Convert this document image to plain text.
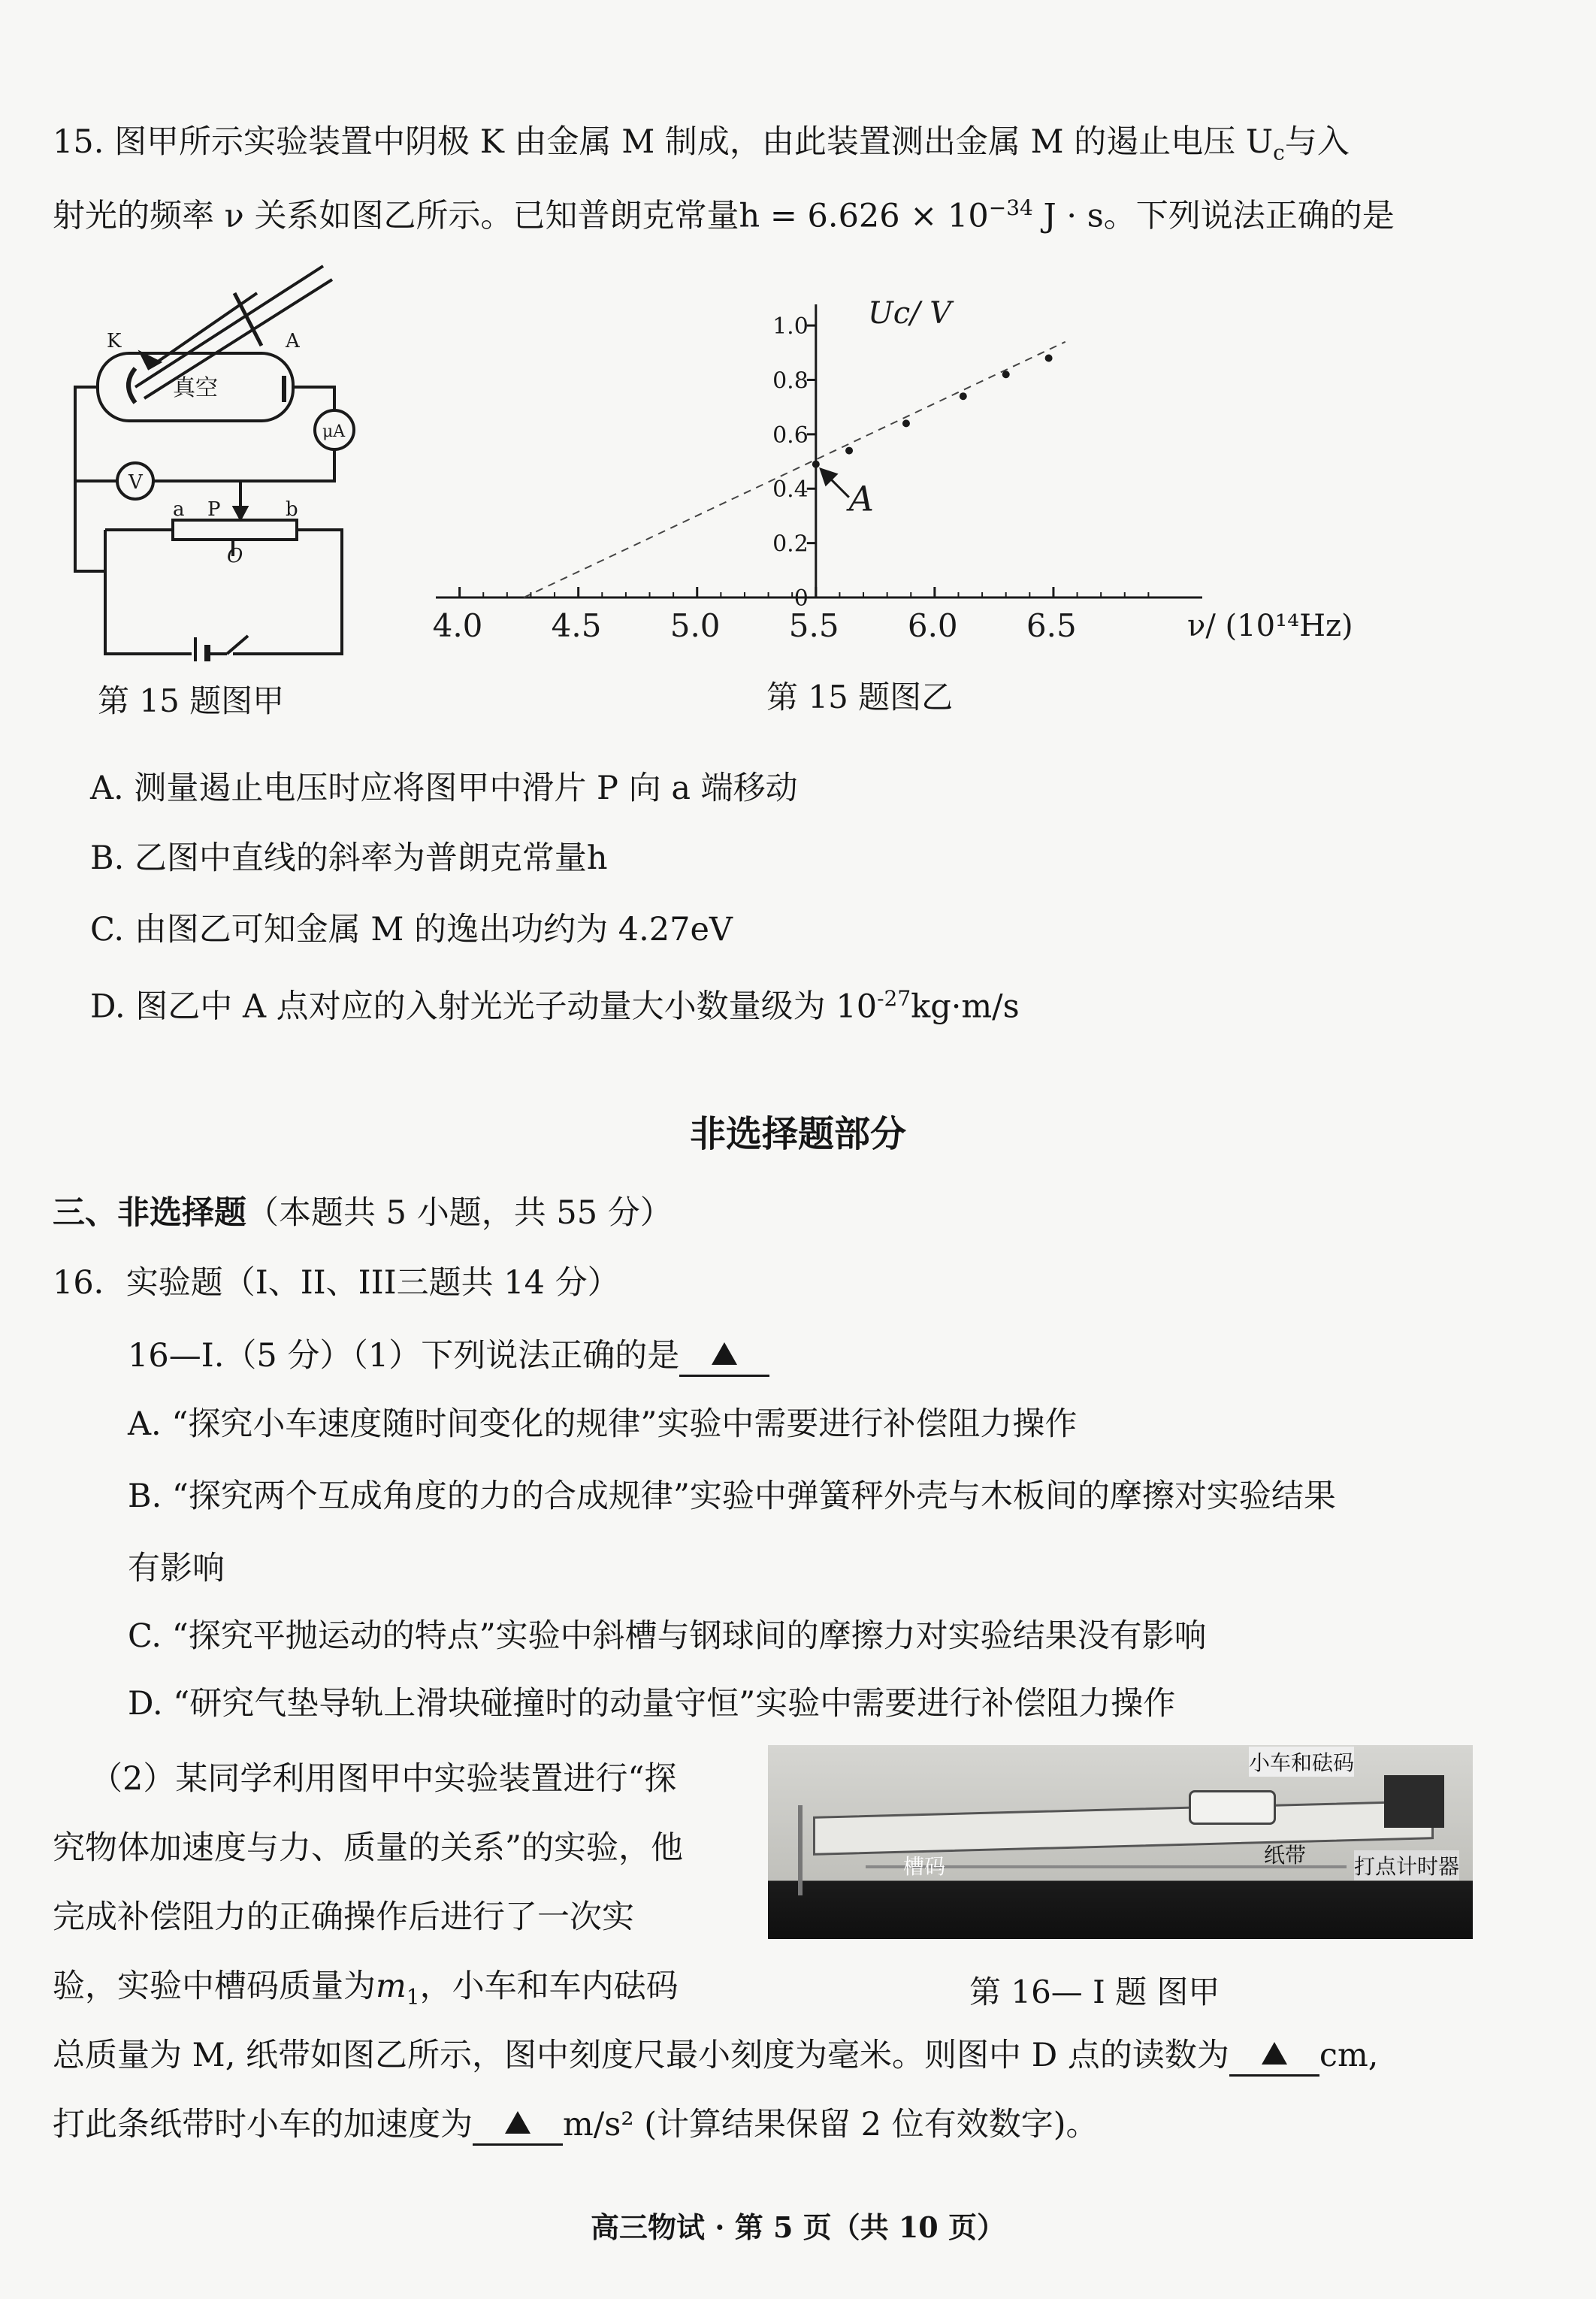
15. 图甲所示实验装置中阴极 K 由金属 M 制成，由此装置测出金属 M 的遏止电压 $U_c$与入
射光的频率 ν 关系如图乙所示。已知普朗克常量$h = 6.626 \times 10^{-34}$ J · s。下列说法正确的是
K	A
真空
μA
V
a P	b
O
第 15 题图甲
4.0 4.5 5.0 5.5 6.0 6.5
0
0.2
0.4
0.6
0.8
1.0
ν/ (10¹⁴Hz)
Uc/ V
A
第 15 题图乙
A. 测量遏止电压时应将图甲中滑片 P 向 a 端移动
B. 乙图中直线的斜率为普朗克常量h
C. 由图乙可知金属 M 的逸出功约为 4.27eV
D. 图乙中 A 点对应的入射光光子动量大小数量级为 $10^{-27}kg\cdot m/s$
非选择题部分
三、非选择题（本题共 5 小题，共 55 分）
16．实验题（I、II、III三题共 14 分）
16—I.（5 分）（1）下列说法正确的是
A. “探究小车速度随时间变化的规律”实验中需要进行补偿阻力操作
B. “探究两个互成角度的力的合成规律”实验中弹簧秤外壳与木板间的摩擦对实验结果
有影响
C. “探究平抛运动的特点”实验中斜槽与钢球间的摩擦力对实验结果没有影响
D. “研究气垫导轨上滑块碰撞时的动量守恒”实验中需要进行补偿阻力操作
（2）某同学利用图甲中实验装置进行“探
究物体加速度与力、质量的关系”的实验，他
完成补偿阻力的正确操作后进行了一次实
验，实验中槽码质量为$m_1$，小车和车内砝码
小车和砝码
槽码	纸带 打点计时器
第 16— I 题 图甲
总质量为 M, 纸带如图乙所示，图中刻度尺最小刻度为毫米。则图中 D 点的读数为	cm,
打此条纸带时小车的加速度为	m/s² (计算结果保留 2 位有效数字)。
高三物试 · 第 5 页（共 10 页）
